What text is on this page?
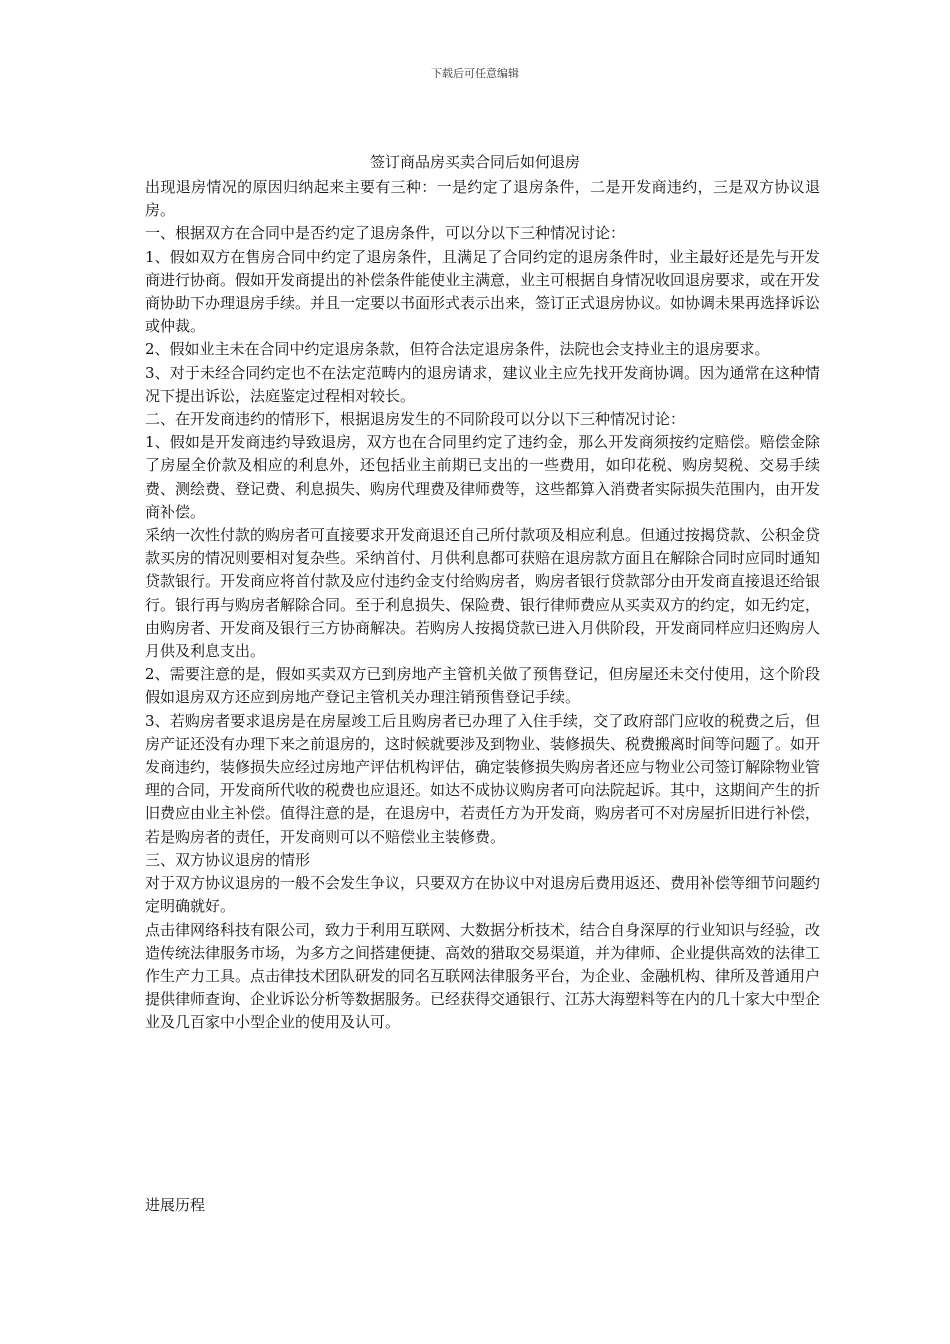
下载后可任意编辑
签订商品房买卖合同后如何退房

出现退房情况的原因归纳起来主要有三种：一是约定了退房条件，二是开发商违约，三是双方协议退房。

一、根据双方在合同中是否约定了退房条件，可以分以下三种情况讨论：

1、假如双方在售房合同中约定了退房条件，且满足了合同约定的退房条件时，业主最好还是先与开发商进行协商。假如开发商提出的补偿条件能使业主满意，业主可根据自身情况收回退房要求，或在开发商协助下办理退房手续。并且一定要以书面形式表示出来，签订正式退房协议。如协调未果再选择诉讼或仲裁。

2、假如业主未在合同中约定退房条款，但符合法定退房条件，法院也会支持业主的退房要求。

3、对于未经合同约定也不在法定范畴内的退房请求，建议业主应先找开发商协调。因为通常在这种情况下提出诉讼，法庭鉴定过程相对较长。

二、在开发商违约的情形下，根据退房发生的不同阶段可以分以下三种情况讨论：

1、假如是开发商违约导致退房，双方也在合同里约定了违约金，那么开发商须按约定赔偿。赔偿金除了房屋全价款及相应的利息外，还包括业主前期已支出的一些费用，如印花税、购房契税、交易手续费、测绘费、登记费、利息损失、购房代理费及律师费等，这些都算入消费者实际损失范围内，由开发商补偿。

采纳一次性付款的购房者可直接要求开发商退还自己所付款项及相应利息。但通过按揭贷款、公积金贷款买房的情况则要相对复杂些。采纳首付、月供利息都可获赔在退房款方面且在解除合同时应同时通知贷款银行。开发商应将首付款及应付违约金支付给购房者，购房者银行贷款部分由开发商直接退还给银行。银行再与购房者解除合同。至于利息损失、保险费、银行律师费应从买卖双方的约定，如无约定，由购房者、开发商及银行三方协商解决。若购房人按揭贷款已进入月供阶段，开发商同样应归还购房人月供及利息支出。

2、需要注意的是，假如买卖双方已到房地产主管机关做了预售登记，但房屋还未交付使用，这个阶段假如退房双方还应到房地产登记主管机关办理注销预售登记手续。

3、若购房者要求退房是在房屋竣工后且购房者已办理了入住手续，交了政府部门应收的税费之后，但房产证还没有办理下来之前退房的，这时候就要涉及到物业、装修损失、税费搬离时间等问题了。如开发商违约，装修损失应经过房地产评估机构评估，确定装修损失购房者还应与物业公司签订解除物业管理的合同，开发商所代收的税费也应退还。如达不成协议购房者可向法院起诉。其中，这期间产生的折旧费应由业主补偿。值得注意的是，在退房中，若责任方为开发商，购房者可不对房屋折旧进行补偿，若是购房者的责任，开发商则可以不赔偿业主装修费。

三、双方协议退房的情形

对于双方协议退房的一般不会发生争议，只要双方在协议中对退房后费用返还、费用补偿等细节问题约定明确就好。

点击律网络科技有限公司，致力于利用互联网、大数据分析技术，结合自身深厚的行业知识与经验，改造传统法律服务市场，为多方之间搭建便捷、高效的猎取交易渠道，并为律师、企业提供高效的法律工作生产力工具。点击律技术团队研发的同名互联网法律服务平台，为企业、金融机构、律所及普通用户提供律师查询、企业诉讼分析等数据服务。已经获得交通银行、江苏大海塑料等在内的几十家大中型企业及几百家中小型企业的使用及认可。

进展历程
